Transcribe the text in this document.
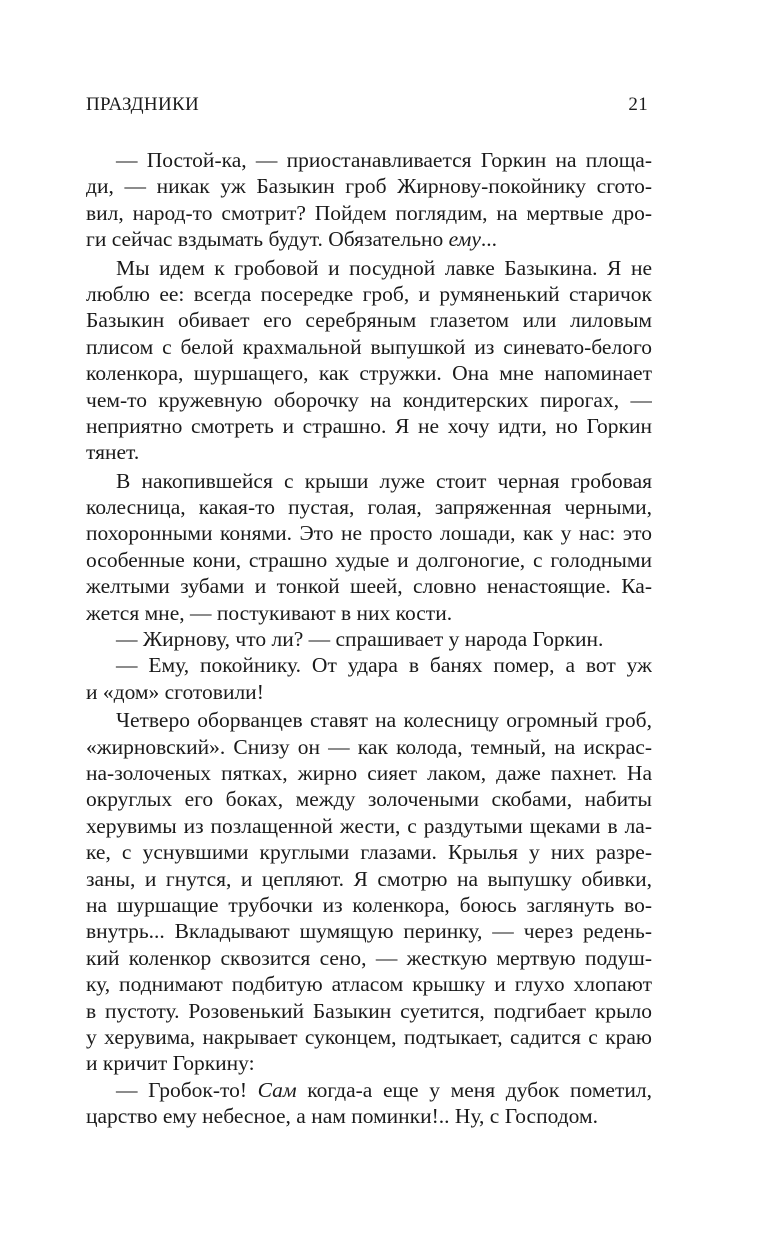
ПРАЗДНИКИ	21
— Постой-ка, — приостанавливается Горкин на площа-
ди, — никак уж Базыкин гроб Жирнову-покойнику сгото-
вил, народ-то смотрит? Пойдем поглядим, на мертвые дро-
ги сейчас вздымать будут. Обязательно ему...
Мы идем к гробовой и посудной лавке Базыкина. Я не
люблю ее: всегда посередке гроб, и румяненький старичок
Базыкин обивает его серебряным глазетом или лиловым
плисом с белой крахмальной выпушкой из синевато-белого
коленкора, шуршащего, как стружки. Она мне напоминает
чем-то кружевную оборочку на кондитерских пирогах, —
неприятно смотреть и страшно. Я не хочу идти, но Горкин
тянет.
В накопившейся с крыши луже стоит черная гробовая
колесница, какая-то пустая, голая, запряженная черными,
похоронными конями. Это не просто лошади, как у нас: это
особенные кони, страшно худые и долгоногие, с голодными
желтыми зубами и тонкой шеей, словно ненастоящие. Ка-
жется мне, — постукивают в них кости.
— Жирнову, что ли? — спрашивает у народа Горкин.
— Ему, покойнику. От удара в банях помер, а вот уж
и «дом» сготовили!
Четверо оборванцев ставят на колесницу огромный гроб,
«жирновский». Снизу он — как колода, темный, на искрас-
на-золоченых пятках, жирно сияет лаком, даже пахнет. На
округлых его боках, между золочеными скобами, набиты
херувимы из позлащенной жести, с раздутыми щеками в ла-
ке, с уснувшими круглыми глазами. Крылья у них разре-
заны, и гнутся, и цепляют. Я смотрю на выпушку обивки,
на шуршащие трубочки из коленкора, боюсь заглянуть во-
внутрь... Вкладывают шумящую перинку, — через редень-
кий коленкор сквозится сено, — жесткую мертвую подуш-
ку, поднимают подбитую атласом крышку и глухо хлопают
в пустоту. Розовенький Базыкин суетится, подгибает крыло
у херувима, накрывает суконцем, подтыкает, садится с краю
и кричит Горкину:
— Гробок-то! Сам когда-а еще у меня дубок пометил,
царство ему небесное, а нам поминки!.. Ну, с Господом.
